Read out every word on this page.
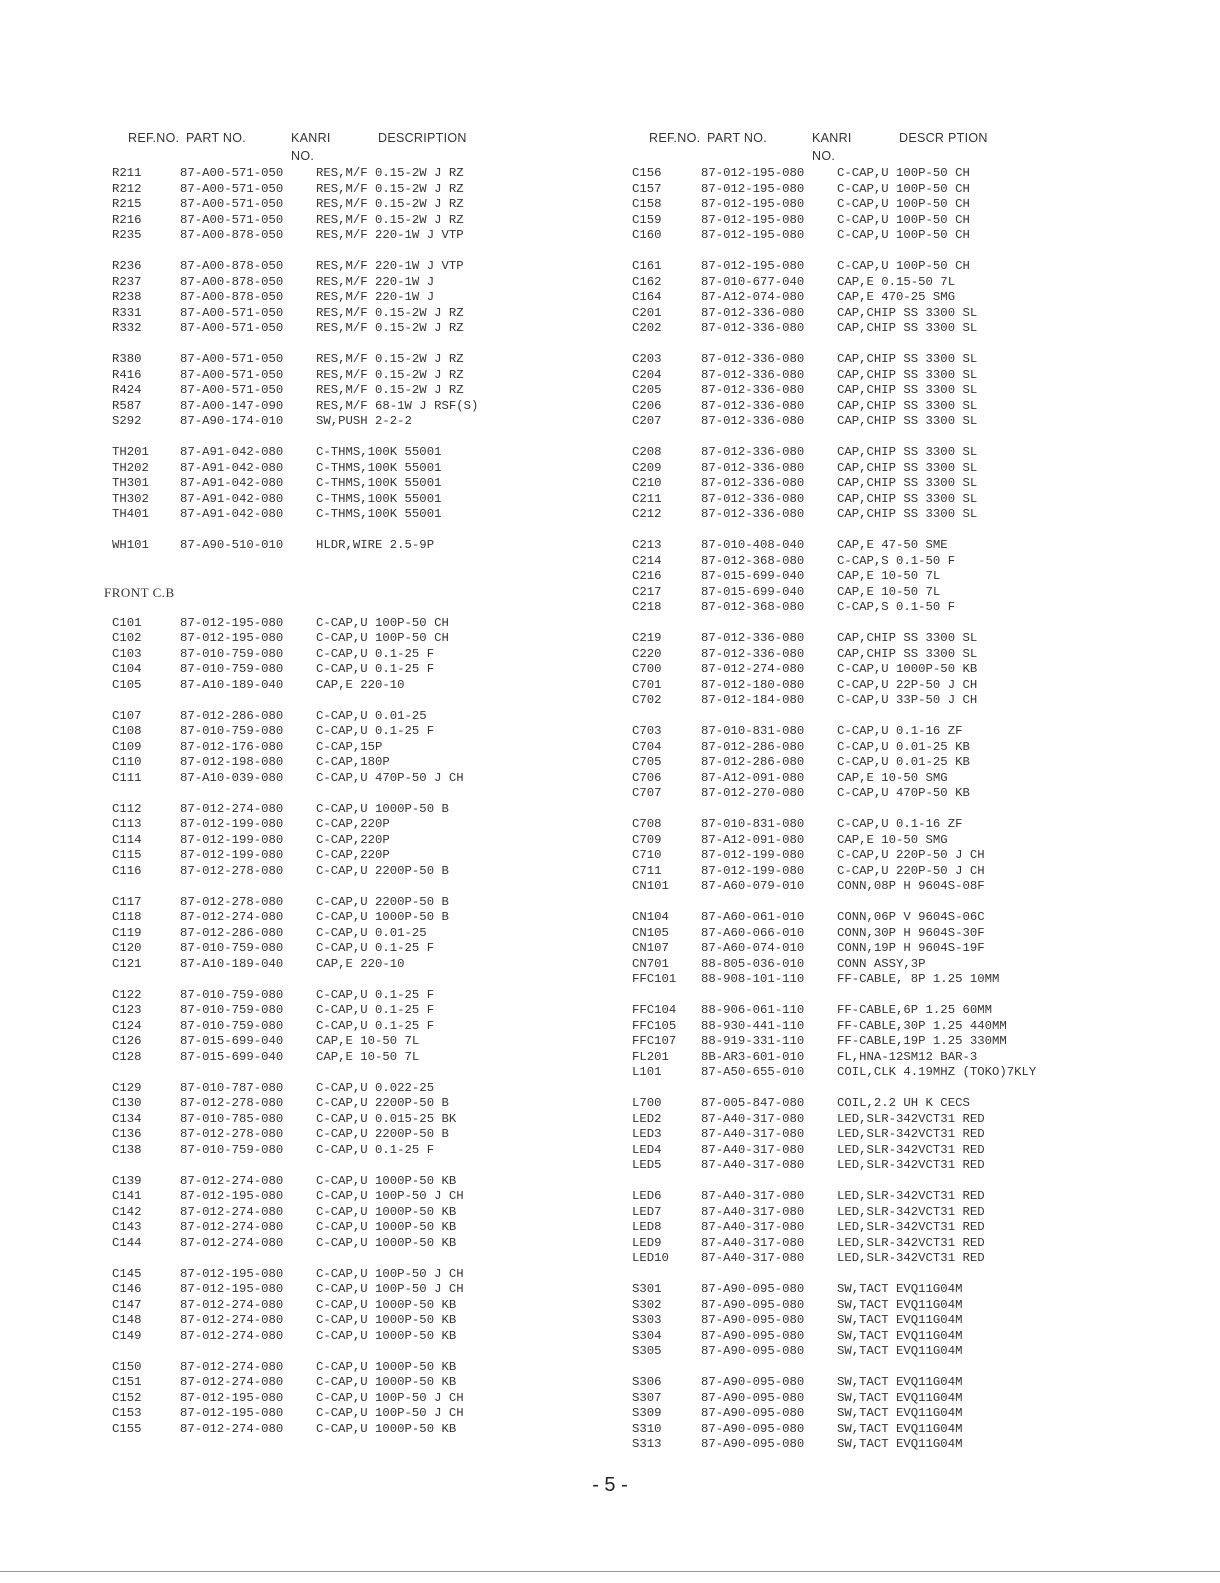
REF.NO. PART NO.	KANRI
NO.
DESCRIPTION	REF.NO. PART NO.	KANRI
NO.
DESCR PTION
R211	87-A00-571-050	RES,M/F 0.15-2W J RZ
R212	87-A00-571-050	RES,M/F 0.15-2W J RZ
R215	87-A00-571-050	RES,M/F 0.15-2W J RZ
R216	87-A00-571-050	RES,M/F 0.15-2W J RZ
R235	87-A00-878-050	RES,M/F 220-1W J VTP
R236	87-A00-878-050	RES,M/F 220-1W J VTP
R237	87-A00-878-050	RES,M/F 220-1W J
R238	87-A00-878-050	RES,M/F 220-1W J
R331	87-A00-571-050	RES,M/F 0.15-2W J RZ
R332	87-A00-571-050	RES,M/F 0.15-2W J RZ
R380	87-A00-571-050	RES,M/F 0.15-2W J RZ
R416	87-A00-571-050	RES,M/F 0.15-2W J RZ
R424	87-A00-571-050	RES,M/F 0.15-2W J RZ
R587	87-A00-147-090	RES,M/F 68-1W J RSF(S)
S292	87-A90-174-010	SW,PUSH 2-2-2
TH201	87-A91-042-080	C-THMS,100K 55001
TH202	87-A91-042-080	C-THMS,100K 55001
TH301	87-A91-042-080	C-THMS,100K 55001
TH302	87-A91-042-080	C-THMS,100K 55001
TH401	87-A91-042-080	C-THMS,100K 55001
WH101	87-A90-510-010	HLDR,WIRE 2.5-9P
FRONT C.B
C101	87-012-195-080	C-CAP,U 100P-50 CH
C102	87-012-195-080	C-CAP,U 100P-50 CH
C103	87-010-759-080	C-CAP,U 0.1-25 F
C104	87-010-759-080	C-CAP,U 0.1-25 F
C105	87-A10-189-040	CAP,E 220-10
C107	87-012-286-080	C-CAP,U 0.01-25
C108	87-010-759-080	C-CAP,U 0.1-25 F
C109	87-012-176-080	C-CAP,15P
C110	87-012-198-080	C-CAP,180P
C111	87-A10-039-080	C-CAP,U 470P-50 J CH
C112	87-012-274-080	C-CAP,U 1000P-50 B
C113	87-012-199-080	C-CAP,220P
C114	87-012-199-080	C-CAP,220P
C115	87-012-199-080	C-CAP,220P
C116	87-012-278-080	C-CAP,U 2200P-50 B
C117	87-012-278-080	C-CAP,U 2200P-50 B
C118	87-012-274-080	C-CAP,U 1000P-50 B
C119	87-012-286-080	C-CAP,U 0.01-25
C120	87-010-759-080	C-CAP,U 0.1-25 F
C121	87-A10-189-040	CAP,E 220-10
C122	87-010-759-080	C-CAP,U 0.1-25 F
C123	87-010-759-080	C-CAP,U 0.1-25 F
C124	87-010-759-080	C-CAP,U 0.1-25 F
C126	87-015-699-040	CAP,E 10-50 7L
C128	87-015-699-040	CAP,E 10-50 7L
C129	87-010-787-080	C-CAP,U 0.022-25
C130	87-012-278-080	C-CAP,U 2200P-50 B
C134	87-010-785-080	C-CAP,U 0.015-25 BK
C136	87-012-278-080	C-CAP,U 2200P-50 B
C138	87-010-759-080	C-CAP,U 0.1-25 F
C139	87-012-274-080	C-CAP,U 1000P-50 KB
C141	87-012-195-080	C-CAP,U 100P-50 J CH
C142	87-012-274-080	C-CAP,U 1000P-50 KB
C143	87-012-274-080	C-CAP,U 1000P-50 KB
C144	87-012-274-080	C-CAP,U 1000P-50 KB
C145	87-012-195-080	C-CAP,U 100P-50 J CH
C146	87-012-195-080	C-CAP,U 100P-50 J CH
C147	87-012-274-080	C-CAP,U 1000P-50 KB
C148	87-012-274-080	C-CAP,U 1000P-50 KB
C149	87-012-274-080	C-CAP,U 1000P-50 KB
C150	87-012-274-080	C-CAP,U 1000P-50 KB
C151	87-012-274-080	C-CAP,U 1000P-50 KB
C152	87-012-195-080	C-CAP,U 100P-50 J CH
C153	87-012-195-080	C-CAP,U 100P-50 J CH
C155	87-012-274-080	C-CAP,U 1000P-50 KB
C156	87-012-195-080	C-CAP,U 100P-50 CH
C157	87-012-195-080	C-CAP,U 100P-50 CH
C158	87-012-195-080	C-CAP,U 100P-50 CH
C159	87-012-195-080	C-CAP,U 100P-50 CH
C160	87-012-195-080	C-CAP,U 100P-50 CH
C161	87-012-195-080	C-CAP,U 100P-50 CH
C162	87-010-677-040	CAP,E 0.15-50 7L
C164	87-A12-074-080	CAP,E 470-25 SMG
C201	87-012-336-080	CAP,CHIP SS 3300 SL
C202	87-012-336-080	CAP,CHIP SS 3300 SL
C203	87-012-336-080	CAP,CHIP SS 3300 SL
C204	87-012-336-080	CAP,CHIP SS 3300 SL
C205	87-012-336-080	CAP,CHIP SS 3300 SL
C206	87-012-336-080	CAP,CHIP SS 3300 SL
C207	87-012-336-080	CAP,CHIP SS 3300 SL
C208	87-012-336-080	CAP,CHIP SS 3300 SL
C209	87-012-336-080	CAP,CHIP SS 3300 SL
C210	87-012-336-080	CAP,CHIP SS 3300 SL
C211	87-012-336-080	CAP,CHIP SS 3300 SL
C212	87-012-336-080	CAP,CHIP SS 3300 SL
C213	87-010-408-040	CAP,E 47-50 SME
C214	87-012-368-080	C-CAP,S 0.1-50 F
C216	87-015-699-040	CAP,E 10-50 7L
C217	87-015-699-040	CAP,E 10-50 7L
C218	87-012-368-080	C-CAP,S 0.1-50 F
C219	87-012-336-080	CAP,CHIP SS 3300 SL
C220	87-012-336-080	CAP,CHIP SS 3300 SL
C700	87-012-274-080	C-CAP,U 1000P-50 KB
C701	87-012-180-080	C-CAP,U 22P-50 J CH
C702	87-012-184-080	C-CAP,U 33P-50 J CH
C703	87-010-831-080	C-CAP,U 0.1-16 ZF
C704	87-012-286-080	C-CAP,U 0.01-25 KB
C705	87-012-286-080	C-CAP,U 0.01-25 KB
C706	87-A12-091-080	CAP,E 10-50 SMG
C707	87-012-270-080	C-CAP,U 470P-50 KB
C708	87-010-831-080	C-CAP,U 0.1-16 ZF
C709	87-A12-091-080	CAP,E 10-50 SMG
C710	87-012-199-080	C-CAP,U 220P-50 J CH
C711	87-012-199-080	C-CAP,U 220P-50 J CH
CN101	87-A60-079-010	CONN,08P H 9604S-08F
CN104	87-A60-061-010	CONN,06P V 9604S-06C
CN105	87-A60-066-010	CONN,30P H 9604S-30F
CN107	87-A60-074-010	CONN,19P H 9604S-19F
CN701	88-805-036-010	CONN ASSY,3P
FFC101 88-908-101-110	FF-CABLE, 8P 1.25 10MM
FFC104 88-906-061-110	FF-CABLE,6P 1.25 60MM
FFC105 88-930-441-110	FF-CABLE,30P 1.25 440MM
FFC107 88-919-331-110	FF-CABLE,19P 1.25 330MM
FL201	8B-AR3-601-010	FL,HNA-12SM12 BAR-3
L101	87-A50-655-010	COIL,CLK 4.19MHZ (TOKO)7KLY
L700	87-005-847-080	COIL,2.2 UH K CECS
LED2	87-A40-317-080	LED,SLR-342VCT31 RED
LED3	87-A40-317-080	LED,SLR-342VCT31 RED
LED4	87-A40-317-080	LED,SLR-342VCT31 RED
LED5	87-A40-317-080	LED,SLR-342VCT31 RED
LED6	87-A40-317-080	LED,SLR-342VCT31 RED
LED7	87-A40-317-080	LED,SLR-342VCT31 RED
LED8	87-A40-317-080	LED,SLR-342VCT31 RED
LED9	87-A40-317-080	LED,SLR-342VCT31 RED
LED10	87-A40-317-080	LED,SLR-342VCT31 RED
S301	87-A90-095-080	SW,TACT EVQ11G04M
S302	87-A90-095-080	SW,TACT EVQ11G04M
S303	87-A90-095-080	SW,TACT EVQ11G04M
S304	87-A90-095-080	SW,TACT EVQ11G04M
S305	87-A90-095-080	SW,TACT EVQ11G04M
S306	87-A90-095-080	SW,TACT EVQ11G04M
S307	87-A90-095-080	SW,TACT EVQ11G04M
S309	87-A90-095-080	SW,TACT EVQ11G04M
S310	87-A90-095-080	SW,TACT EVQ11G04M
S313	87-A90-095-080	SW,TACT EVQ11G04M
- 5 -
